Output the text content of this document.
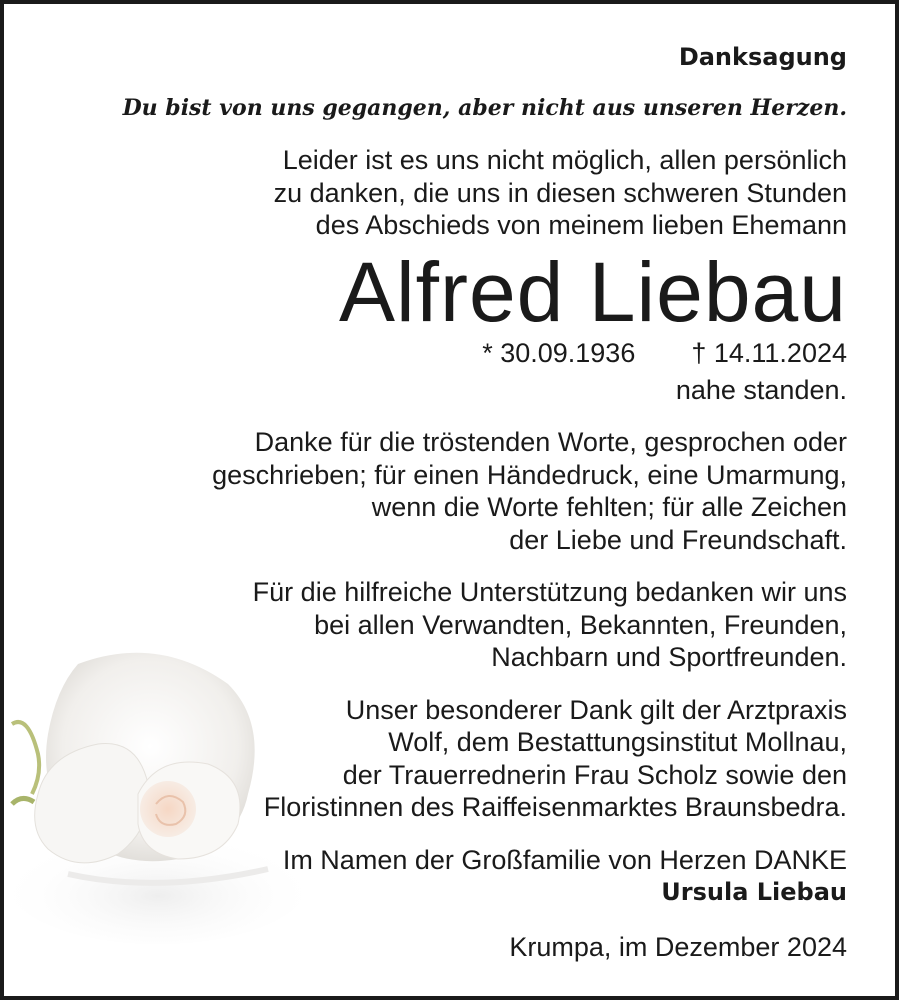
Danksagung
Du bist von uns gegangen, aber nicht aus unseren Herzen.
Leider ist es uns nicht möglich, allen persönlich
zu danken, die uns in diesen schweren Stunden
des Abschieds von meinem lieben Ehemann
Alfred Liebau
* 30.09.1936 † 14.11.2024
nahe standen.
Danke für die tröstenden Worte, gesprochen oder
geschrieben; für einen Händedruck, eine Umarmung,
wenn die Worte fehlten; für alle Zeichen
der Liebe und Freundschaft.
Für die hilfreiche Unterstützung bedanken wir uns
bei allen Verwandten, Bekannten, Freunden,
Nachbarn und Sportfreunden.
Unser besonderer Dank gilt der Arztpraxis
Wolf, dem Bestattungsinstitut Mollnau,
der Trauerrednerin Frau Scholz sowie den
Floristinnen des Raiffeisenmarktes Braunsbedra.
Im Namen der Großfamilie von Herzen DANKE
Ursula Liebau
Krumpa, im Dezember 2024
